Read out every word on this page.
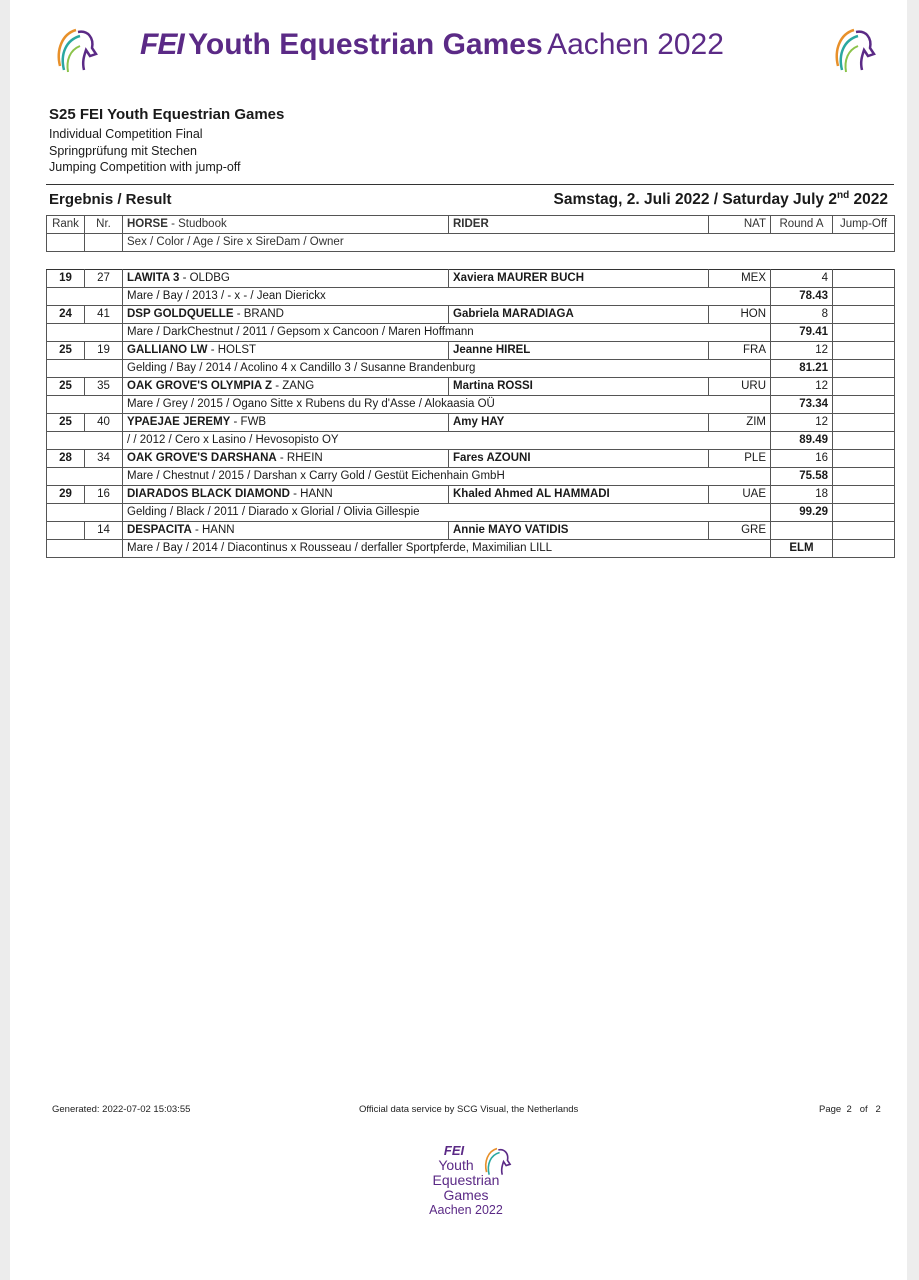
FEI Youth Equestrian Games Aachen 2022
S25 FEI Youth Equestrian Games
Individual Competition Final
Springprüfung mit Stechen
Jumping Competition with jump-off
Ergebnis / Result	Samstag, 2. Juli 2022 / Saturday July 2nd 2022
Rank	Nr.	HORSE - Studbook	RIDER	NAT	Round A	Jump-Off
		Sex / Color / Age / Sire x SireDam / Owner				
19	27	LAWITA 3 - OLDBG	Xaviera MAURER BUCH	MEX	4	
		Mare / Bay / 2013 / - x - / Jean Dierickx			78.43	
24	41	DSP GOLDQUELLE - BRAND	Gabriela MARADIAGA	HON	8	
		Mare / DarkChestnut / 2011 / Gepsom x Cancoon / Maren Hoffmann			79.41	
25	19	GALLIANO LW - HOLST	Jeanne HIREL	FRA	12	
		Gelding / Bay / 2014 / Acolino 4 x Candillo 3 / Susanne Brandenburg			81.21	
25	35	OAK GROVE'S OLYMPIA Z - ZANG	Martina ROSSI	URU	12	
		Mare / Grey / 2015 / Ogano Sitte x Rubens du Ry d'Asse / Alokaasia OÜ			73.34	
25	40	YPAEJAE JEREMY - FWB	Amy HAY	ZIM	12	
		/ / 2012 / Cero x Lasino / Hevosopisto OY			89.49	
28	34	OAK GROVE'S DARSHANA - RHEIN	Fares AZOUNI	PLE	16	
		Mare / Chestnut / 2015 / Darshan x Carry Gold / Gestüt Eichenhain GmbH			75.58	
29	16	DIARADOS BLACK DIAMOND - HANN	Khaled Ahmed AL HAMMADI	UAE	18	
		Gelding / Black / 2011 / Diarado x Glorial / Olivia Gillespie			99.29	
	14	DESPACITA - HANN	Annie MAYO VATIDIS	GRE		
		Mare / Bay / 2014 / Diacontinus x Rousseau / derfaller Sportpferde, Maximilian LILL			ELM	
Generated: 2022-07-02 15:03:55	Official data service by SCG Visual, the Netherlands	Page 2 of 2
FEI
Youth
Equestrian
Games
Aachen 2022
